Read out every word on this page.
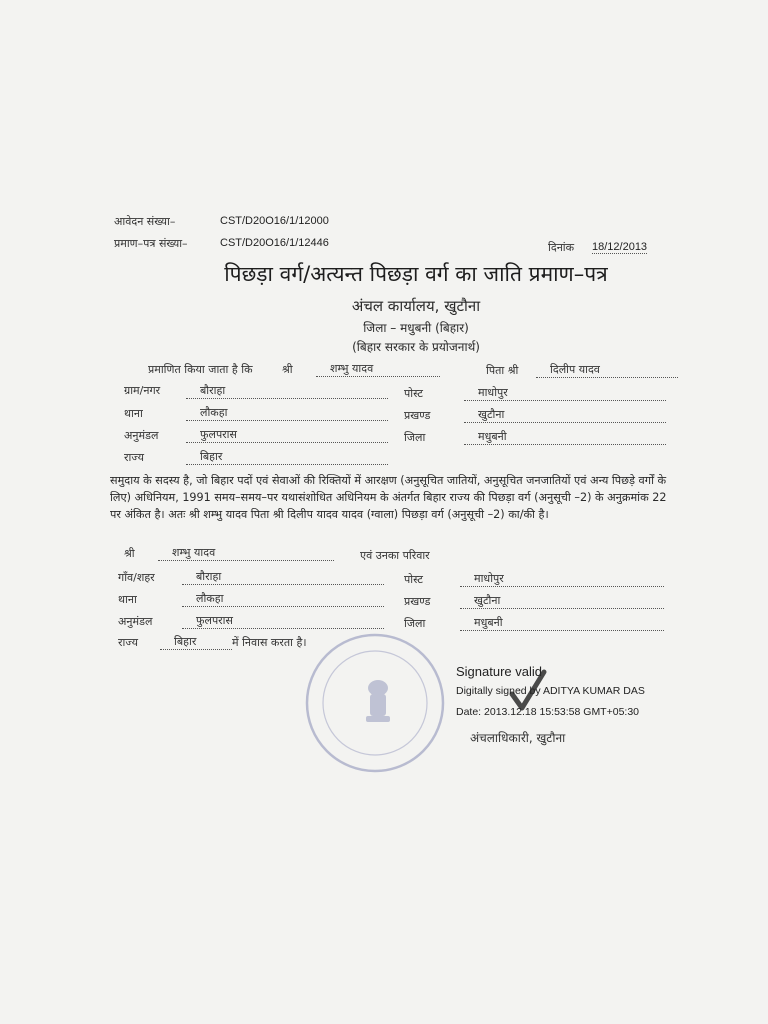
आवेदन संख्या–	CST/D20O16/1/12000
प्रमाण–पत्र संख्या–	CST/D20O16/1/12446	दिनांक 18/12/2013
पिछड़ा वर्ग/अत्यन्त पिछड़ा वर्ग का जाति प्रमाण–पत्र
अंचल कार्यालय, खुटौना
जिला – मधुबनी (बिहार)
(बिहार सरकार के प्रयोजनार्थ)
प्रमाणित किया जाता है कि	श्री	शम्भु यादव	पिता श्री	दिलीप यादव
ग्राम/नगर	बौराहा	पोस्ट	माधोपुर
थाना	लौकहा	प्रखण्ड	खुटौना
अनुमंडल	फुलपरास	जिला	मधुबनी
राज्य	बिहार
समुदाय के सदस्य है, जो बिहार पदों एवं सेवाओं की रिक्तियों में आरक्षण (अनुसूचित जातियों, अनुसूचित जनजातियों एवं अन्य पिछड़े वर्गों के लिए) अधिनियम, 1991 समय–समय–पर यथासंशोधित अधिनियम के अंतर्गत बिहार राज्य की पिछड़ा वर्ग (अनुसूची –2) के अनुक्रमांक 22 पर अंकित है। अतः श्री शम्भु यादव पिता श्री दिलीप यादव यादव (ग्वाला) पिछड़ा वर्ग (अनुसूची –2) का/की है।
श्री	शम्भु यादव	एवं उनका परिवार
गाँव/शहर	बौराहा	पोस्ट	माधोपुर
थाना	लौकहा	प्रखण्ड	खुटौना
अनुमंडल	फुलपरास	जिला	मधुबनी
राज्य	बिहार	में निवास करता है।
Signature valid
Digitally signed by ADITYA KUMAR DAS
Date: 2013.12.18 15:53:58 GMT+05:30
अंचलाधिकारी, खुटौना
